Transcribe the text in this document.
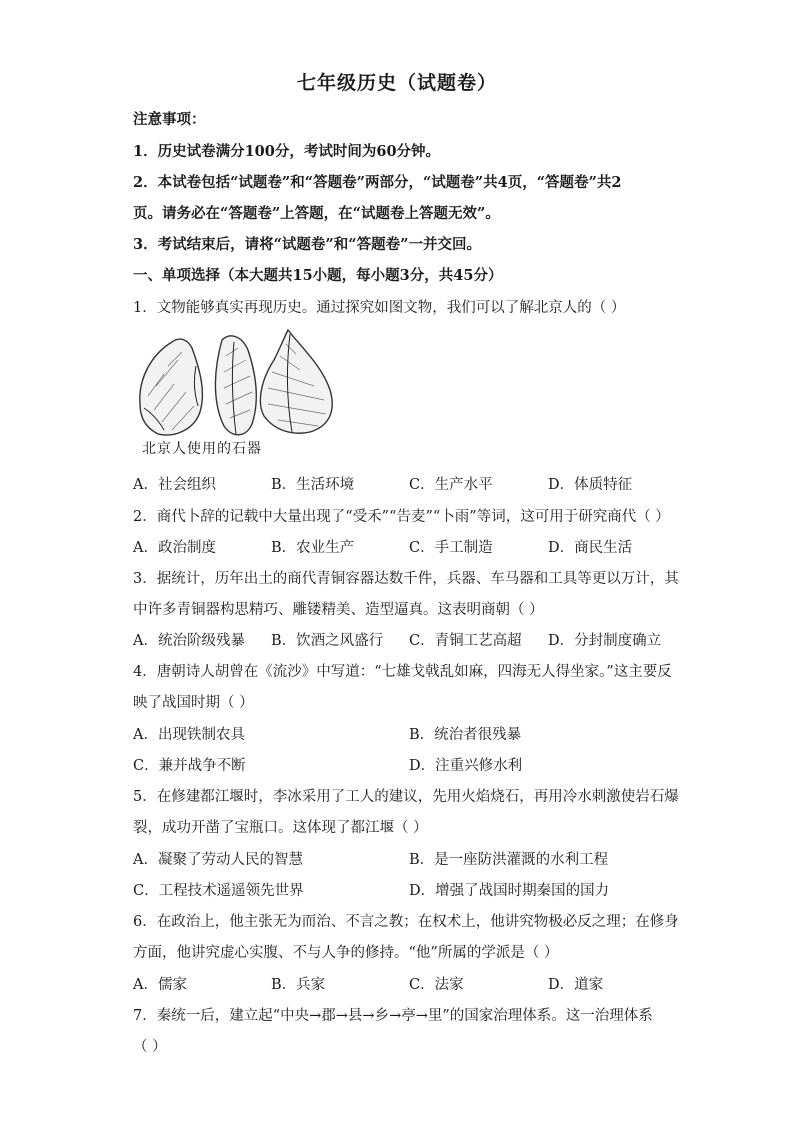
七年级历史（试题卷）
注意事项：
1．历史试卷满分100分，考试时间为60分钟。
2．本试卷包括“试题卷”和“答题卷”两部分，“试题卷”共4页，“答题卷”共2
页。请务必在“答题卷”上答题，在“试题卷上答题无效”。
3．考试结束后，请将“试题卷”和“答题卷”一并交回。
一、单项选择（本大题共15小题，每小题3分，共45分）
1．文物能够真实再现历史。通过探究如图文物，我们可以了解北京人的（ ）
北京人使用的石器
A．社会组织	B．生活环境	C．生产水平	D．体质特征
2．商代卜辞的记载中大量出现了“受禾”“告麦”“卜雨”等词，这可用于研究商代（ ）
A．政治制度	B．农业生产	C．手工制造	D．商民生活
3．据统计，历年出土的商代青铜容器达数千件，兵器、车马器和工具等更以万计，其
中许多青铜器构思精巧、雕镂精美、造型逼真。这表明商朝（ ）
A．统治阶级残暴 B．饮酒之风盛行 C．青铜工艺高超 D．分封制度确立
4．唐朝诗人胡曾在《流沙》中写道：“七雄戈戟乱如麻，四海无人得坐家。”这主要反
映了战国时期（ ）
A．出现铁制农具	B．统治者很残暴
C．兼并战争不断	D．注重兴修水利
5．在修建都江堰时，李冰采用了工人的建议，先用火焰烧石，再用冷水刺激使岩石爆
裂，成功开凿了宝瓶口。这体现了都江堰（ ）
A．凝聚了劳动人民的智慧	B．是一座防洪灌溉的水利工程
C．工程技术遥遥领先世界	D．增强了战国时期秦国的国力
6．在政治上，他主张无为而治、不言之教；在权术上，他讲究物极必反之理；在修身
方面，他讲究虚心实腹、不与人争的修持。“他”所属的学派是（ ）
A．儒家	B．兵家	C．法家	D．道家
7．秦统一后，建立起“中央→郡→县→乡→亭→里”的国家治理体系。这一治理体系
（ ）
